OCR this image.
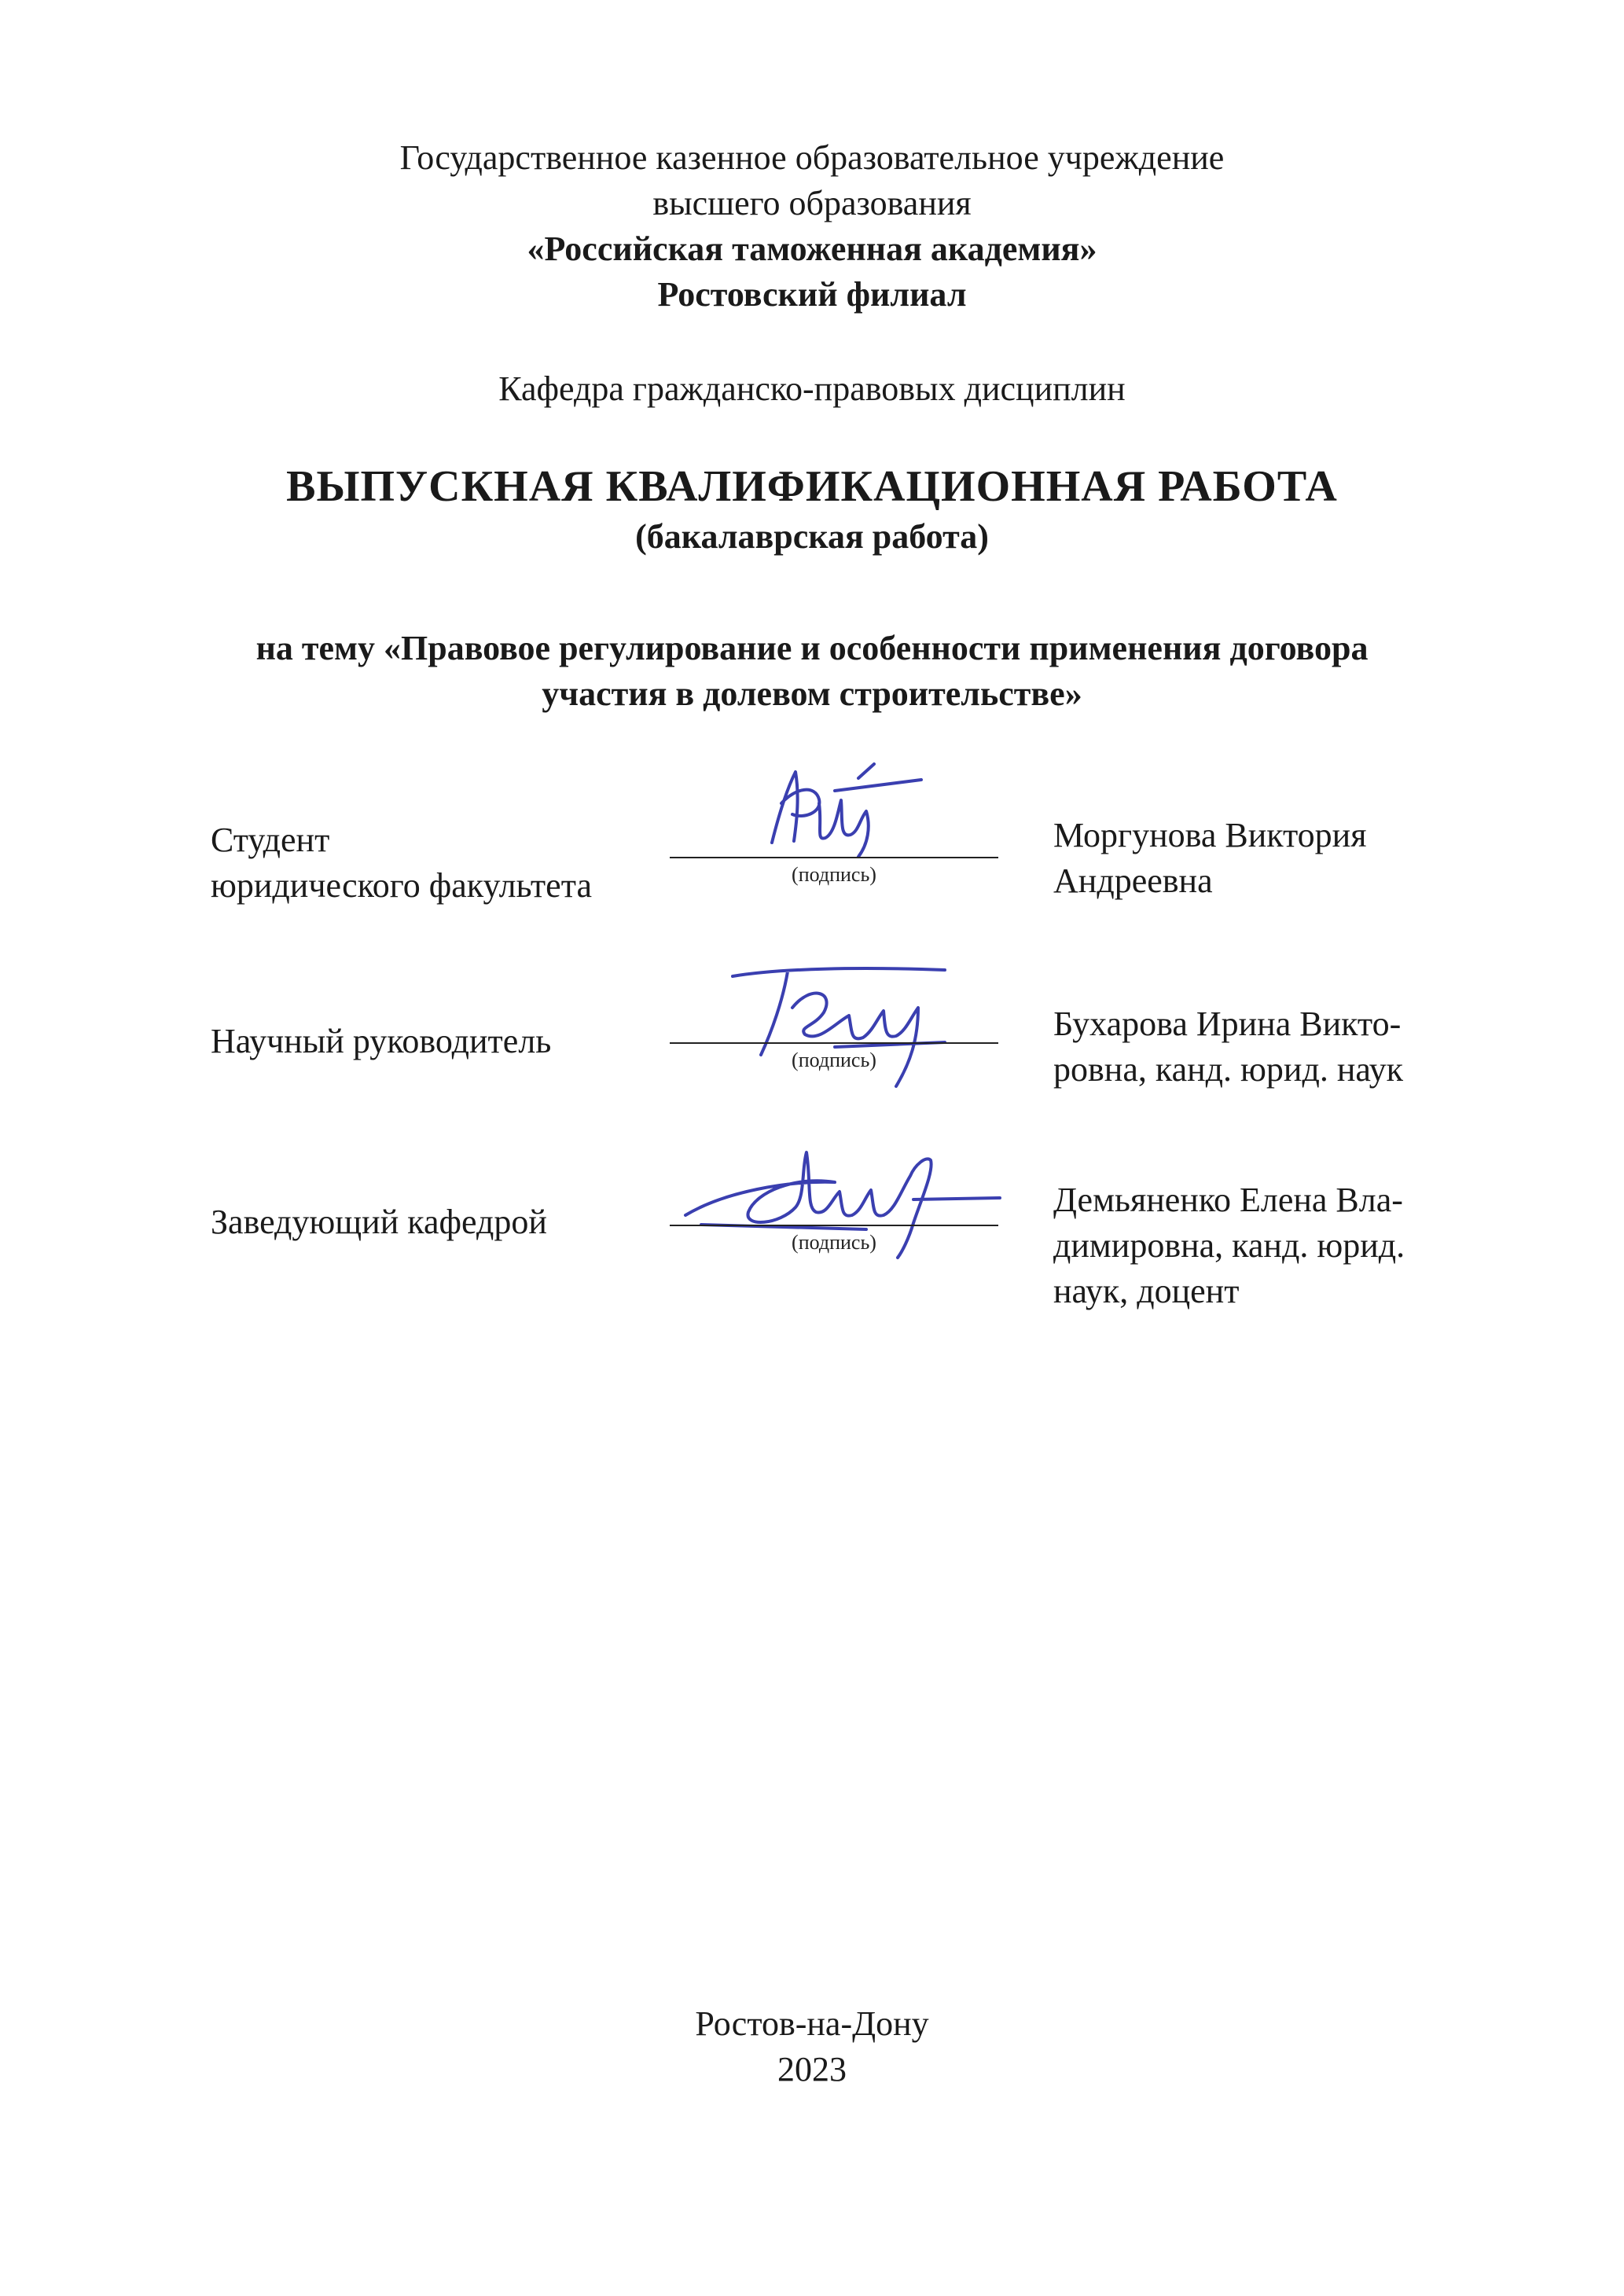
Государственное казенное образовательное учреждение
высшего образования
«Российская таможенная академия»
Ростовский филиал
Кафедра гражданско-правовых дисциплин
ВЫПУСКНАЯ КВАЛИФИКАЦИОННАЯ РАБОТА
(бакалаврская работа)
на тему «Правовое регулирование и особенности применения договора
участия в долевом строительстве»
Студент
юридического факультета	(подпись)
Моргунова Виктория
Андреевна
Научный руководитель	(подпись)
Бухарова Ирина Викто-
ровна, канд. юрид. наук
Заведующий кафедрой
(подпись)
Демьяненко Елена Вла-
димировна, канд. юрид.
наук, доцент
Ростов-на-Дону
2023
